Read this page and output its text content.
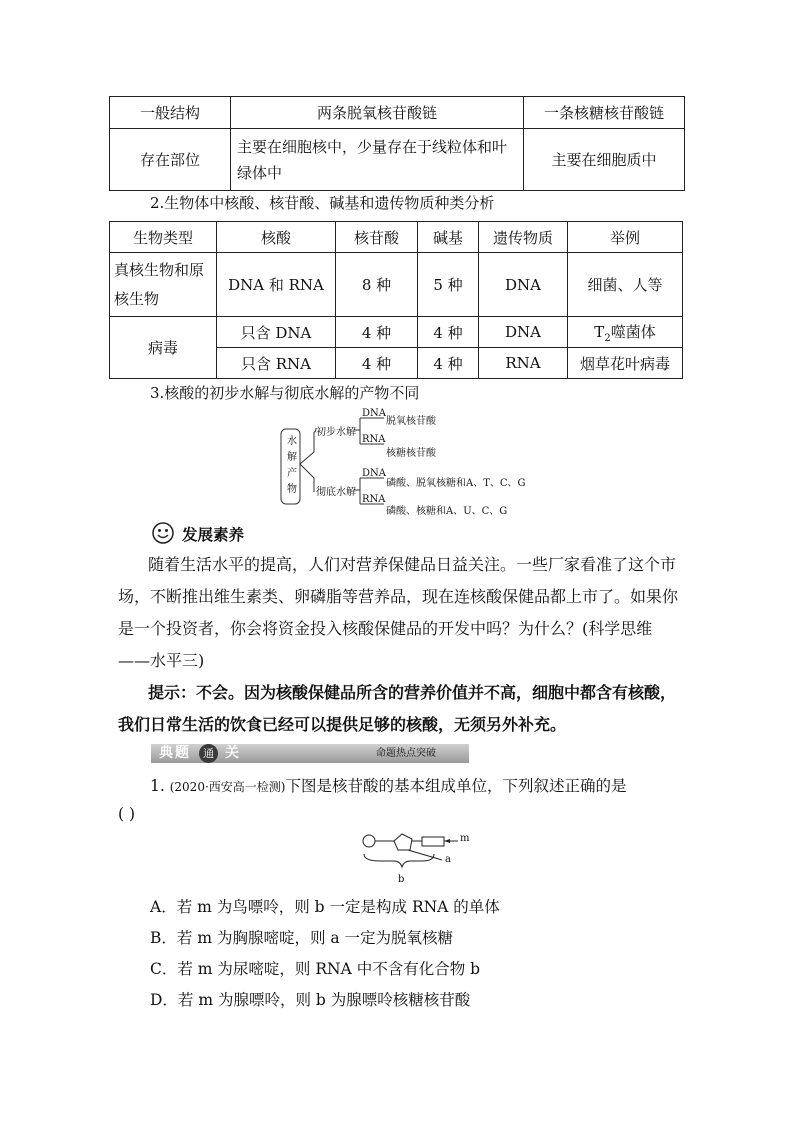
一般结构	两条脱氧核苷酸链	一条核糖核苷酸链
存在部位	主要在细胞核中，少量存在于线粒体和叶绿体中	主要在细胞质中
2.生物体中核酸、核苷酸、碱基和遗传物质种类分析
生物类型	核酸	核苷酸	碱基	遗传物质	举例
真核生物和原核生物	DNA 和 RNA	8 种	5 种	DNA	细菌、人等
病毒	只含 DNA	4 种	4 种	DNA	$T_2$噬菌体
	只含 RNA	4 种	4 种	RNA	烟草花叶病毒
3.核酸的初步水解与彻底水解的产物不同
水
解
产
物
初步水解
彻底水解
DNA
RNA
DNA
RNA
脱氧核苷酸
核糖核苷酸
磷酸、脱氧核糖和A、T、C、G
磷酸、核糖和A、U、C、G
发展素养
随着生活水平的提高，人们对营养保健品日益关注。一些厂家看准了这个市场，不断推出维生素类、卵磷脂等营养品，现在连核酸保健品都上市了。如果你是一个投资者，你会将资金投入核酸保健品的开发中吗？为什么？(科学思维——水平三)
提示：不会。因为核酸保健品所含的营养价值并不高，细胞中都含有核酸，我们日常生活的饮食已经可以提供足够的核酸，无须另外补充。
典题	通 关	命题热点突破
1. (2020·西安高一检测)下图是核苷酸的基本组成单位，下列叙述正确的是
( )
m
a
b
A．若 m 为鸟嘌呤，则 b 一定是构成 RNA 的单体
B．若 m 为胸腺嘧啶，则 a 一定为脱氧核糖
C．若 m 为尿嘧啶，则 RNA 中不含有化合物 b
D．若 m 为腺嘌呤，则 b 为腺嘌呤核糖核苷酸
